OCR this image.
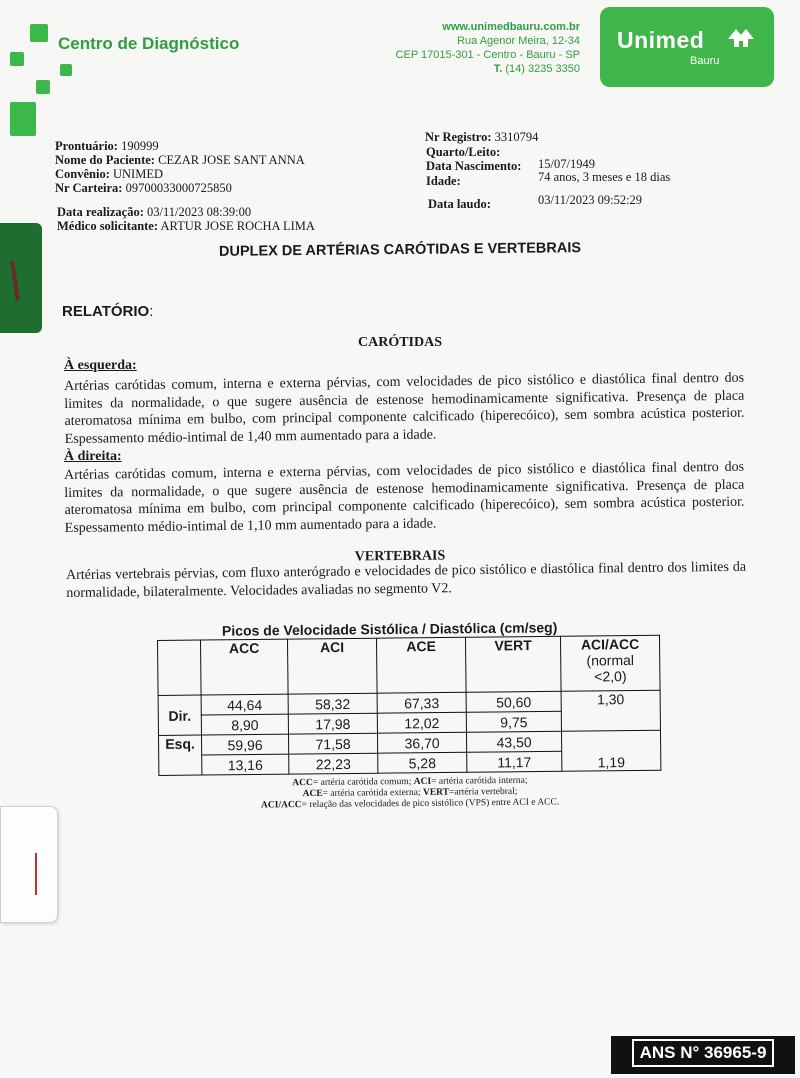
Centro de Diagnóstico
www.unimedbauru.com.br
Rua Agenor Meira, 12-34
CEP 17015-301 - Centro - Bauru - SP
T. (14) 3235 3350
Unimed
Bauru
Prontuário: 190999
Nome do Paciente: CEZAR JOSE SANT ANNA
Convênio: UNIMED
Nr Carteira: 09700033000725850
Data realização: 03/11/2023 08:39:00
Médico solicitante: ARTUR JOSE ROCHA LIMA
Nr Registro: 3310794
Quarto/Leito:
Data Nascimento: 15/07/1949
Idade:	74 anos, 3 meses e 18 dias
Data laudo:	03/11/2023 09:52:29
DUPLEX DE ARTÉRIAS CARÓTIDAS E VERTEBRAIS
RELATÓRIO:
CARÓTIDAS
À esquerda:
Artérias carótidas comum, interna e externa pérvias, com velocidades de pico sistólico e diastólica final dentro dos limites da normalidade, o que sugere ausência de estenose hemodinamicamente significativa. Presença de placa ateromatosa mínima em bulbo, com principal componente calcificado (hiperecóico), sem sombra acústica posterior. Espessamento médio-intimal de 1,40 mm aumentado para a idade.
À direita:
Artérias carótidas comum, interna e externa pérvias, com velocidades de pico sistólico e diastólica final dentro dos limites da normalidade, o que sugere ausência de estenose hemodinamicamente significativa. Presença de placa ateromatosa mínima em bulbo, com principal componente calcificado (hiperecóico), sem sombra acústica posterior. Espessamento médio-intimal de 1,10 mm aumentado para a idade.
VERTEBRAIS
Artérias vertebrais pérvias, com fluxo anterógrado e velocidades de pico sistólico e diastólica final dentro dos limites da normalidade, bilateralmente. Velocidades avaliadas no segmento V2.
Picos de Velocidade Sistólica / Diastólica (cm/seg)
	ACC	ACI	ACE	VERT	ACI/ACC
(normal
<2,0)

Dir.	44,64	58,32	67,33	50,60	1,30
	8,90	17,98	12,02	9,75	
Esq.	59,96	71,58	36,70	43,50	1,19
	13,16	22,23	5,28	11,17	
ACC= artéria carótida comum; ACI= artéria carótida interna;
ACE= artéria carótida externa; VERT=artéria vertebral;
ACI/ACC= relação das velocidades de pico sistólico (VPS) entre ACI e ACC.
ANS N° 36965-9
